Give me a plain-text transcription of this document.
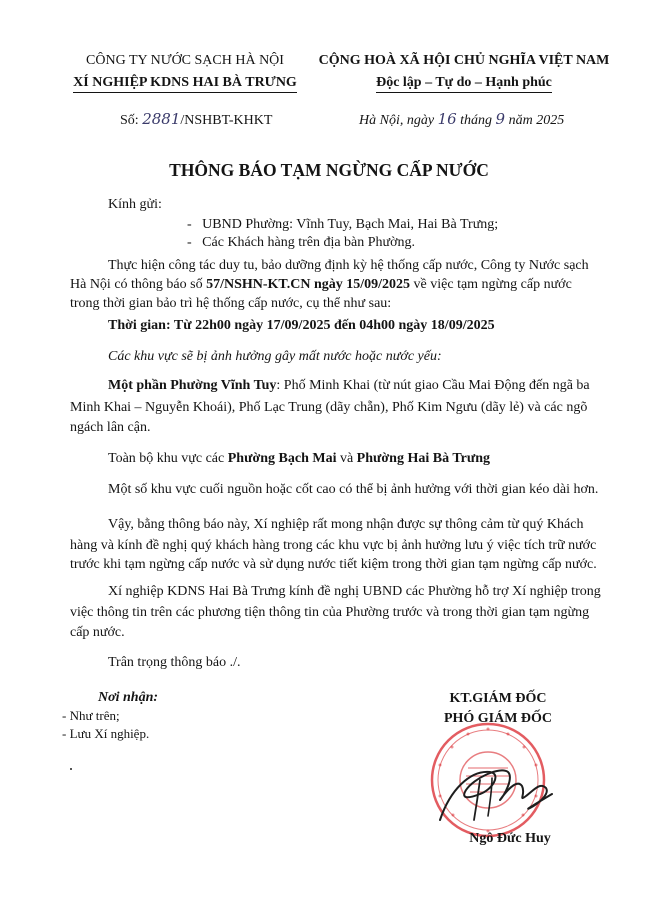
CÔNG TY NƯỚC SẠCH HÀ NỘI
XÍ NGHIỆP KDNS HAI BÀ TRƯNG
CỘNG HOÀ XÃ HỘI CHỦ NGHĨA VIỆT NAM
Độc lập – Tự do – Hạnh phúc
Số: 2881/NSHBT-KHKT	Hà Nội, ngày 16 tháng 9 năm 2025
THÔNG BÁO TẠM NGỪNG CẤP NƯỚC
Kính gửi:
-   UBND Phường: Vĩnh Tuy, Bạch Mai, Hai Bà Trưng;
-   Các Khách hàng trên địa bàn Phường.
Thực hiện công tác duy tu, bảo dưỡng định kỳ hệ thống cấp nước, Công ty Nước sạch
Hà Nội có thông báo số 57/NSHN-KT.CN ngày 15/09/2025 về việc tạm ngừng cấp nước
trong thời gian bảo trì hệ thống cấp nước, cụ thể như sau:
Thời gian: Từ 22h00 ngày 17/09/2025 đến 04h00 ngày 18/09/2025
Các khu vực sẽ bị ảnh hưởng gây mất nước hoặc nước yếu:
Một phần Phường Vĩnh Tuy: Phố Minh Khai (từ nút giao Cầu Mai Động đến ngã ba
Minh Khai – Nguyễn Khoái), Phố Lạc Trung (dãy chẵn), Phố Kim Ngưu (dãy lẻ) và các ngõ
ngách lân cận.
Toàn bộ khu vực các Phường Bạch Mai và Phường Hai Bà Trưng
Một số khu vực cuối nguồn hoặc cốt cao có thể bị ảnh hưởng với thời gian kéo dài hơn.
Vậy, bằng thông báo này, Xí nghiệp rất mong nhận được sự thông cảm từ quý Khách
hàng và kính đề nghị quý khách hàng trong các khu vực bị ảnh hưởng lưu ý việc tích trữ nước
trước khi tạm ngừng cấp nước và sử dụng nước tiết kiệm trong thời gian tạm ngừng cấp nước.
Xí nghiệp KDNS Hai Bà Trưng kính đề nghị UBND các Phường hỗ trợ Xí nghiệp trong
việc thông tin trên các phương tiện thông tin của Phường trước và trong thời gian tạm ngừng
cấp nước.
Trân trọng thông báo ./.
Nơi nhận:
- Như trên;
- Lưu Xí nghiệp.
KT.GIÁM ĐỐC
PHÓ GIÁM ĐỐC
Ngô Đức Huy
